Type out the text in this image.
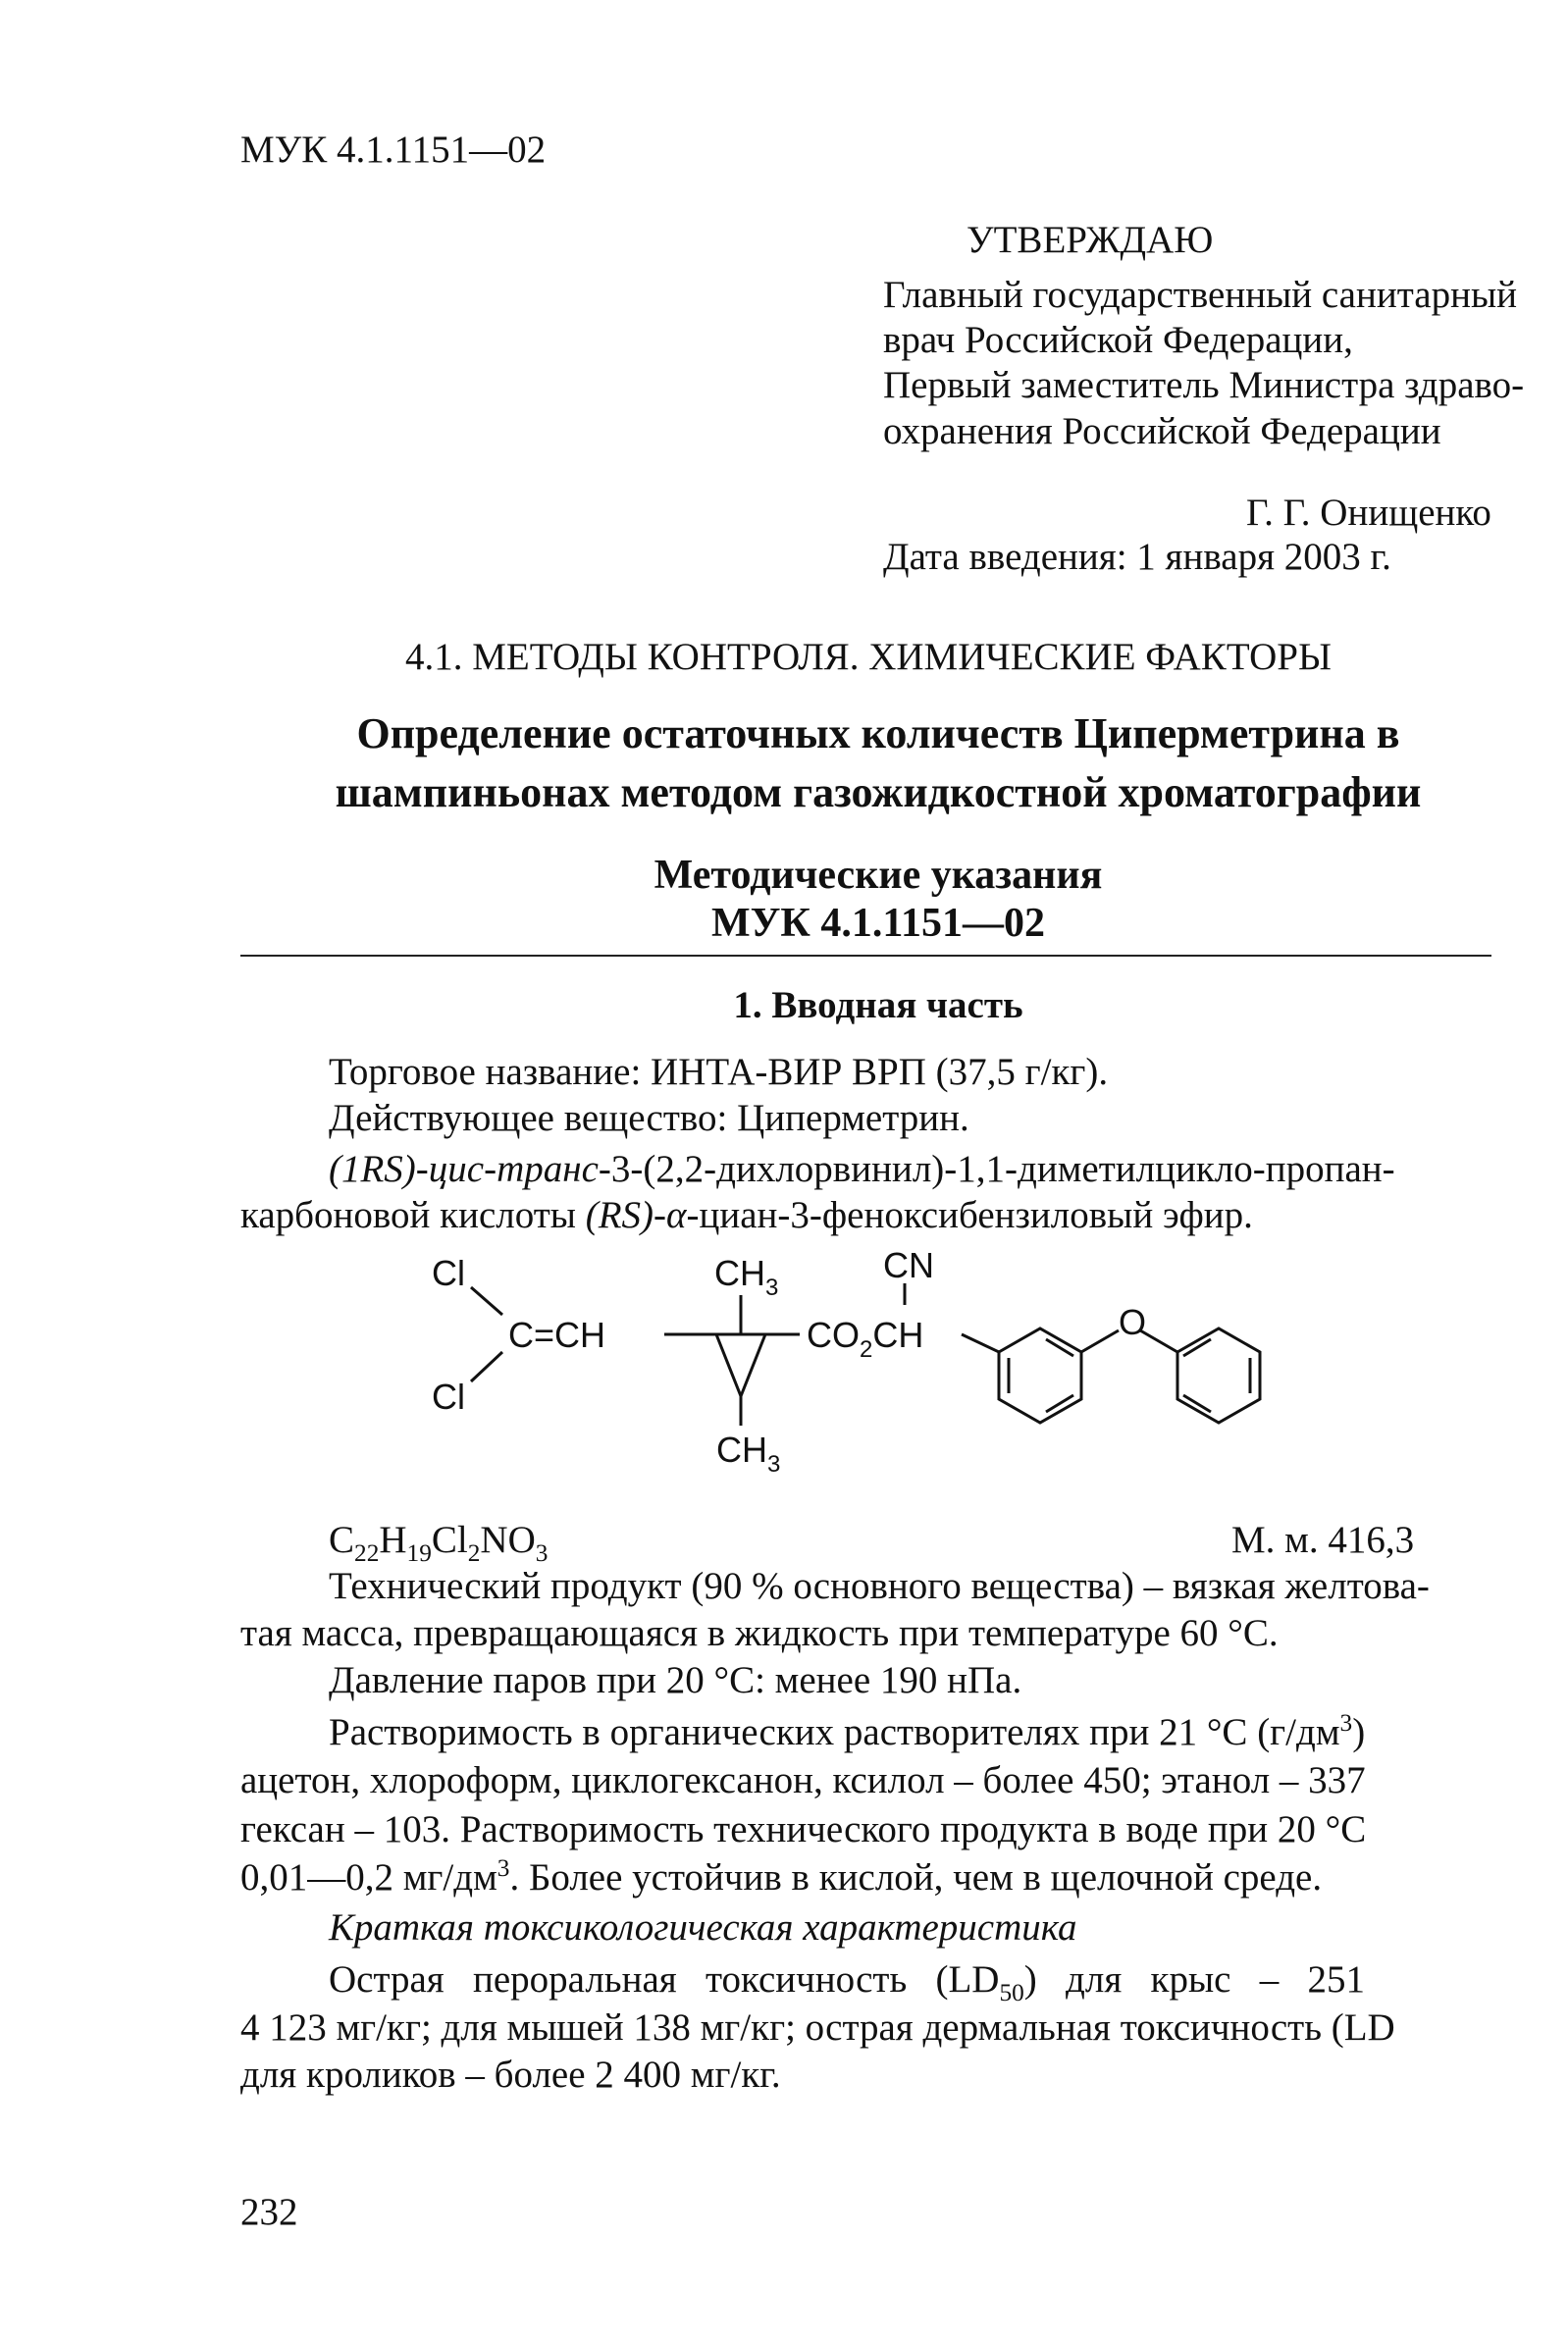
МУК 4.1.1151—02
УТВЕРЖДАЮ
Главный государственный санитарный
врач Российской Федерации,
Первый заместитель Министра здраво-
охранения Российской Федерации
Г. Г. Онищенко
Дата введения: 1 января 2003 г.
4.1. МЕТОДЫ КОНТРОЛЯ. ХИМИЧЕСКИЕ ФАКТОРЫ
Определение остаточных количеств Циперметрина в
шампиньонах методом газожидкостной хроматографии
Методические указания
МУК 4.1.1151—02
1. Вводная часть
Торговое название: ИНТА-ВИР ВРП (37,5 г/кг).
Действующее вещество: Циперметрин.
(1RS)-цис-транс-3-(2,2-дихлорвинил)-1,1-диметилцикло-пропан-
карбоновой кислоты (RS)-α-циан-3-феноксибензиловый эфир.
Cl
Cl
C=CH
$CH_3$
$CH_3$
$CO_2CH$
CN
O
$C_{22}H_{19}Cl_2NO_3$	М. м. 416,3
Технический продукт (90 % основного вещества) – вязкая желтова-
тая масса, превращающаяся в жидкость при температуре 60 °С.
Давление паров при 20 °С: менее 190 нПа.
Растворимость в органических растворителях при 21 °С $(г/дм^3)$
ацетон, хлороформ, циклогексанон, ксилол – более 450; этанол – 337
гексан – 103. Растворимость технического продукта в воде при 20 °С
0,01—0,2 $мг/дм^3$. Более устойчив в кислой, чем в щелочной среде.
Краткая токсикологическая характеристика
Острая   пероральная   токсичность   $(LD_{50})$   для   крыс   –   251
4 123 мг/кг; для мышей 138 мг/кг; острая дермальная токсичность (LD
для кроликов – более 2 400 мг/кг.
232
